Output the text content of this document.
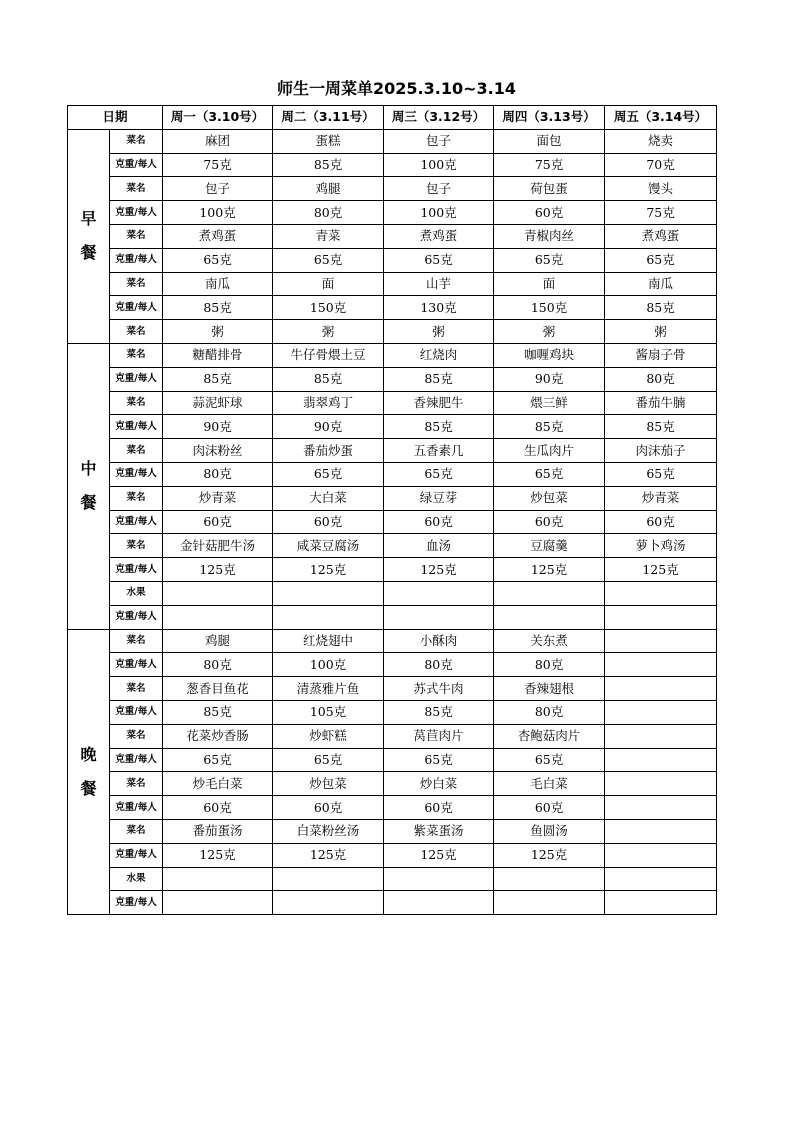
师生一周菜单2025.3.10~3.14
日期		周一（3.10号）	周二（3.11号）	周三（3.12号）	周四（3.13号）	周五（3.14号）

早
餐	菜名	麻团	蛋糕	包子	面包	烧卖
	克重/每人	75克	85克	100克	75克	70克
	菜名	包子	鸡腿	包子	荷包蛋	馒头
	克重/每人	100克	80克	100克	60克	75克
	菜名	煮鸡蛋	青菜	煮鸡蛋	青椒肉丝	煮鸡蛋
	克重/每人	65克	65克	65克	65克	65克
	菜名	南瓜	面	山芋	面	南瓜
	克重/每人	85克	150克	130克	150克	85克
	菜名	粥	粥	粥	粥	粥

中
餐	菜名	糖醋排骨	牛仔骨煨土豆	红烧肉	咖喱鸡块	酱扇子骨
	克重/每人	85克	85克	85克	90克	80克
	菜名	蒜泥虾球	翡翠鸡丁	香辣肥牛	煨三鲜	番茄牛腩
	克重/每人	90克	90克	85克	85克	85克
	菜名	肉沫粉丝	番茄炒蛋	五香素几	生瓜肉片	肉沫茄子
	克重/每人	80克	65克	65克	65克	65克
	菜名	炒青菜	大白菜	绿豆芽	炒包菜	炒青菜
	克重/每人	60克	60克	60克	60克	60克
	菜名	金针菇肥牛汤	咸菜豆腐汤	血汤	豆腐羹	萝卜鸡汤
	克重/每人	125克	125克	125克	125克	125克
	水果					
	克重/每人					

晚
餐	菜名	鸡腿	红烧翅中	小酥肉	关东煮	
	克重/每人	80克	100克	80克	80克	
	菜名	葱香目鱼花	清蒸雅片鱼	苏式牛肉	香辣翅根	
	克重/每人	85克	105克	85克	80克	
	菜名	花菜炒香肠	炒虾糕	莴苣肉片	杏鲍菇肉片	
	克重/每人	65克	65克	65克	65克	
	菜名	炒毛白菜	炒包菜	炒白菜	毛白菜	
	克重/每人	60克	60克	60克	60克	
	菜名	番茄蛋汤	白菜粉丝汤	紫菜蛋汤	鱼圆汤	
	克重/每人	125克	125克	125克	125克	
	水果					
	克重/每人					
